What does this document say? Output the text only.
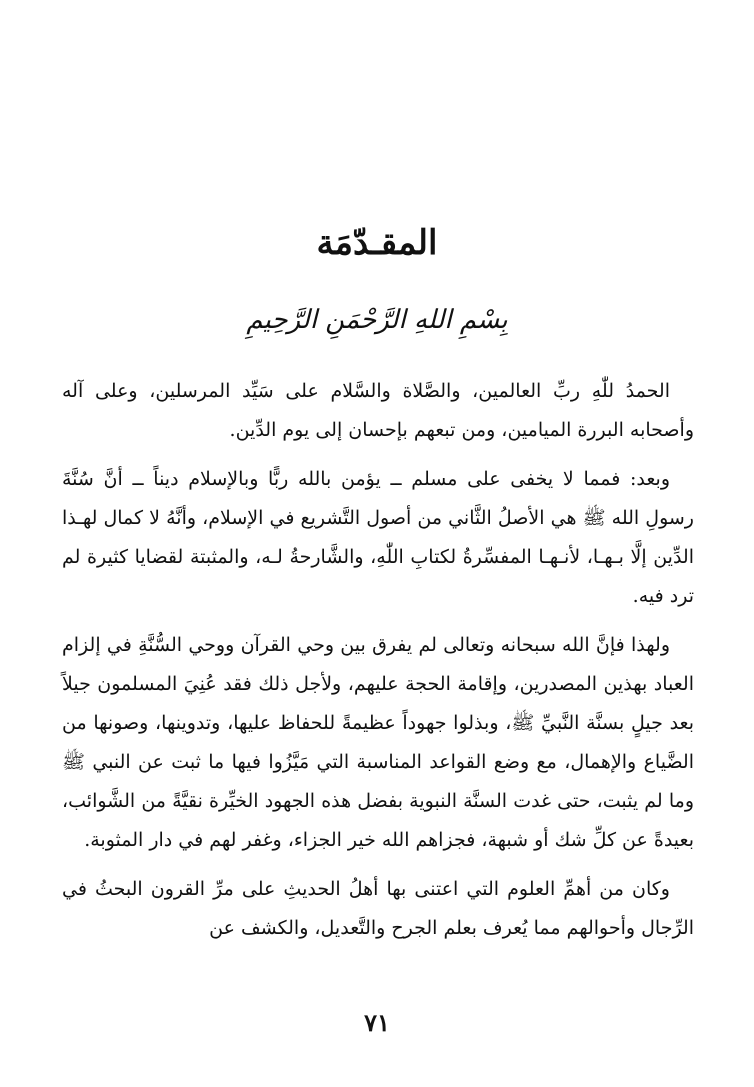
المقـدّمَة
بِسْمِ اللهِ الرَّحْمَنِ الرَّحِيمِ

الحمدُ للّٰهِ ربِّ العالمين، والصَّلاة والسَّلام على سَيِّد المرسلين، وعلى آله وأصحابه البررة الميامين، ومن تبعهم بإحسان إلى يوم الدِّين.

وبعد: فمما لا يخفى على مسلم ــ يؤمن بالله ربًّا وبالإسلام ديناً ــ أنَّ سُنَّةَ رسولِ الله ﷺ هي الأصلُ الثَّاني من أصول التَّشريع في الإسلام، وأنَّهُ لا كمال لهـذا الدِّين إلَّا بـهـا، لأنـهـا المفسِّرةُ لكتابِ اللّٰهِ، والشَّارحةُ لـه، والمثبتة لقضايا كثيرة لم ترد فيه.

ولهذا فإنَّ الله سبحانه وتعالى لم يفرق بين وحي القرآن ووحي السُّنَّةِ في إلزام العباد بهذين المصدرين، وإقامة الحجة عليهم، ولأجل ذلك فقد عُنِيَ المسلمون جيلاً بعد جيلٍ بسنَّة النَّبيِّ ﷺ، وبذلوا جهوداً عظيمةً للحفاظ عليها، وتدوينها، وصونها من الضَّياع والإهمال، مع وضع القواعد المناسبة التي مَيَّزُوا فيها ما ثبت عن النبي ﷺ وما لم يثبت، حتى غدت السنَّة النبوية بفضل هذه الجهود الخيِّرة نقيَّةً من الشَّوائب، بعيدةً عن كلِّ شك أو شبهة، فجزاهم الله خير الجزاء، وغفر لهم في دار المثوبة.

وكان من أهمِّ العلوم التي اعتنى بها أهلُ الحديثِ على مرِّ القرون البحثُ في الرِّجال وأحوالهم مما يُعرف بعلم الجرح والتَّعديل، والكشف عن

٧١
